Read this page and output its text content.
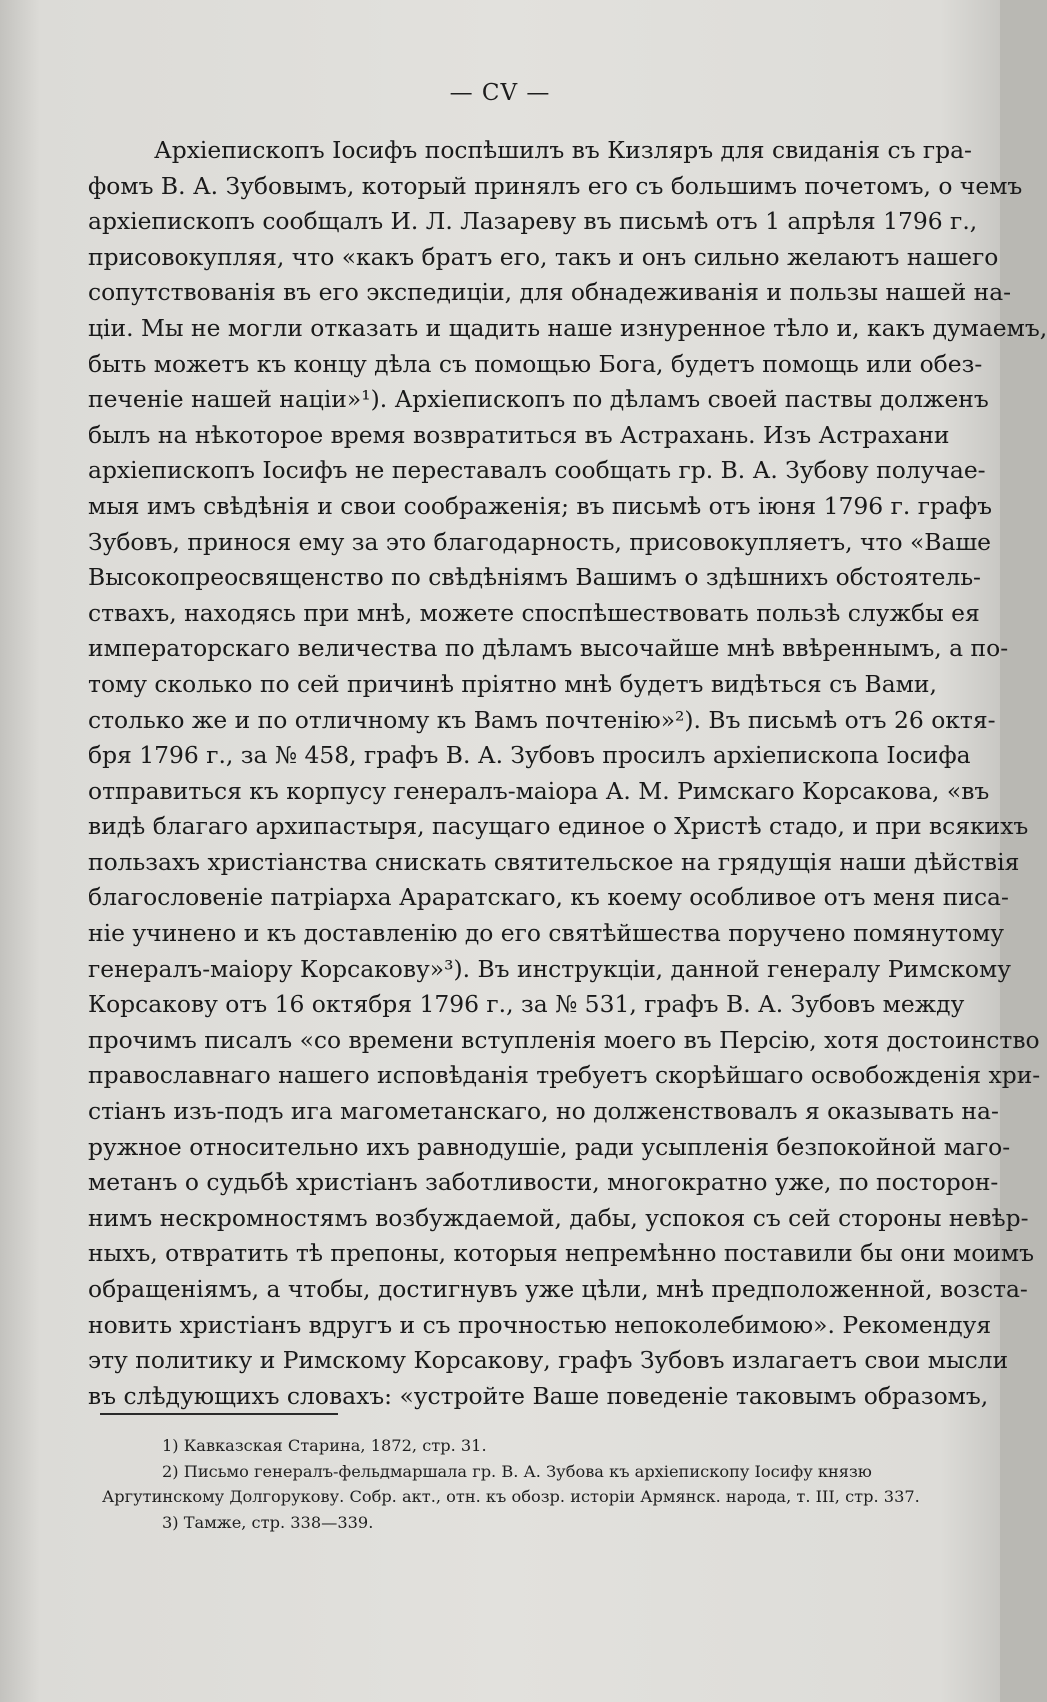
— CV —
Архіепископъ Іосифъ поспѣшилъ въ Кизляръ для свиданія съ гра-
фомъ В. А. Зубовымъ, который принялъ его съ большимъ почетомъ, о чемъ
архіепископъ сообщалъ И. Л. Лазареву въ письмѣ отъ 1 апрѣля 1796 г.,
присовокупляя, что «какъ братъ его, такъ и онъ сильно желаютъ нашего
сопутствованія въ его экспедиціи, для обнадеживанія и пользы нашей на-
ціи. Мы не могли отказать и щадить наше изнуренное тѣло и, какъ думаемъ,
быть можетъ къ концу дѣла съ помощью Бога, будетъ помощь или обез-
печеніе нашей націи»¹). Архіепископъ по дѣламъ своей паствы долженъ
былъ на нѣкоторое время возвратиться въ Астрахань. Изъ Астрахани
архіепископъ Іосифъ не переставалъ сообщать гр. В. А. Зубову получае-
мыя имъ свѣдѣнія и свои соображенія; въ письмѣ отъ іюня 1796 г. графъ
Зубовъ, принося ему за это благодарность, присовокупляетъ, что «Ваше
Высокопреосвященство по свѣдѣніямъ Вашимъ о здѣшнихъ обстоятель-
ствахъ, находясь при мнѣ, можете споспѣшествовать пользѣ службы ея
императорскаго величества по дѣламъ высочайше мнѣ ввѣреннымъ, а по-
тому сколько по сей причинѣ пріятно мнѣ будетъ видѣться съ Вами,
столько же и по отличному къ Вамъ почтенію»²). Въ письмѣ отъ 26 октя-
бря 1796 г., за № 458, графъ В. А. Зубовъ просилъ архіепископа Іосифа
отправиться къ корпусу генералъ-маіора А. М. Римскаго Корсакова, «въ
видѣ благаго архипастыря, пасущаго единое о Христѣ стадо, и при всякихъ
пользахъ христіанства снискать святительское на грядущія наши дѣйствія
благословеніе патріарха Араратскаго, къ коему особливое отъ меня писа-
ніе учинено и къ доставленію до его святѣйшества поручено помянутому
генералъ-маіору Корсакову»³). Въ инструкціи, данной генералу Римскому
Корсакову отъ 16 октября 1796 г., за № 531, графъ В. А. Зубовъ между
прочимъ писалъ «со времени вступленія моего въ Персію, хотя достоинство
православнаго нашего исповѣданія требуетъ скорѣйшаго освобожденія хри-
стіанъ изъ-подъ ига магометанскаго, но долженствовалъ я оказывать на-
ружное относительно ихъ равнодушіе, ради усыпленія безпокойной маго-
метанъ о судьбѣ христіанъ заботливости, многократно уже, по посторон-
нимъ нескромностямъ возбуждаемой, дабы, успокоя съ сей стороны невѣр-
ныхъ, отвратить тѣ препоны, которыя непремѣнно поставили бы они моимъ
обращеніямъ, а чтобы, достигнувъ уже цѣли, мнѣ предположенной, возста-
новить христіанъ вдругъ и съ прочностью непоколебимою». Рекомендуя
эту политику и Римскому Корсакову, графъ Зубовъ излагаетъ свои мысли
въ слѣдующихъ словахъ: «устройте Ваше поведеніе таковымъ образомъ,
1) Кавказская Старина, 1872, стр. 31.
2) Письмо генералъ-фельдмаршала гр. В. А. Зубова къ архіепископу Іосифу князю
Аргутинскому Долгорукову. Собр. акт., отн. къ обозр. исторіи Армянск. народа, т. III, стр. 337.
3) Тамже, стр. 338—339.
